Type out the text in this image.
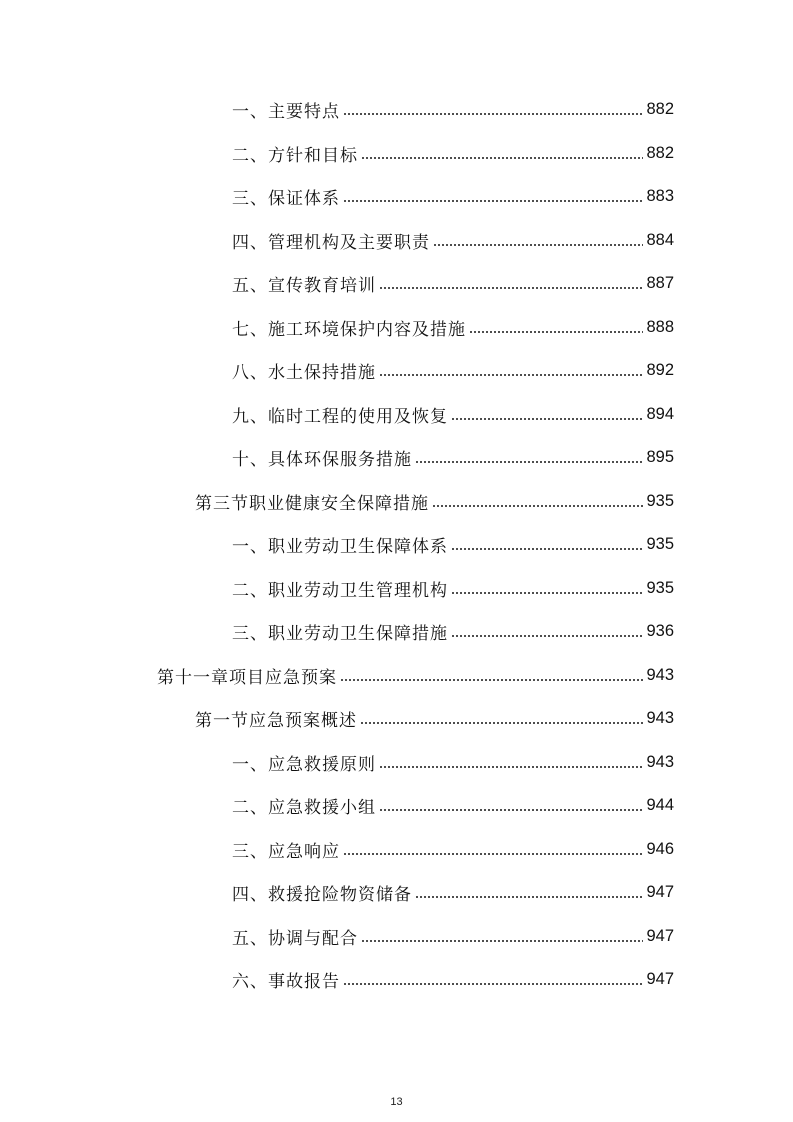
一、主要特点	882
二、方针和目标	882
三、保证体系	883
四、管理机构及主要职责	884
五、宣传教育培训	887
七、施工环境保护内容及措施	888
八、水土保持措施	892
九、临时工程的使用及恢复	894
十、具体环保服务措施	895
第三节职业健康安全保障措施	935
一、职业劳动卫生保障体系	935
二、职业劳动卫生管理机构	935
三、职业劳动卫生保障措施	936
第十一章项目应急预案	943
第一节应急预案概述	943
一、应急救援原则	943
二、应急救援小组	944
三、应急响应	946
四、救援抢险物资储备	947
五、协调与配合	947
六、事故报告	947
13
